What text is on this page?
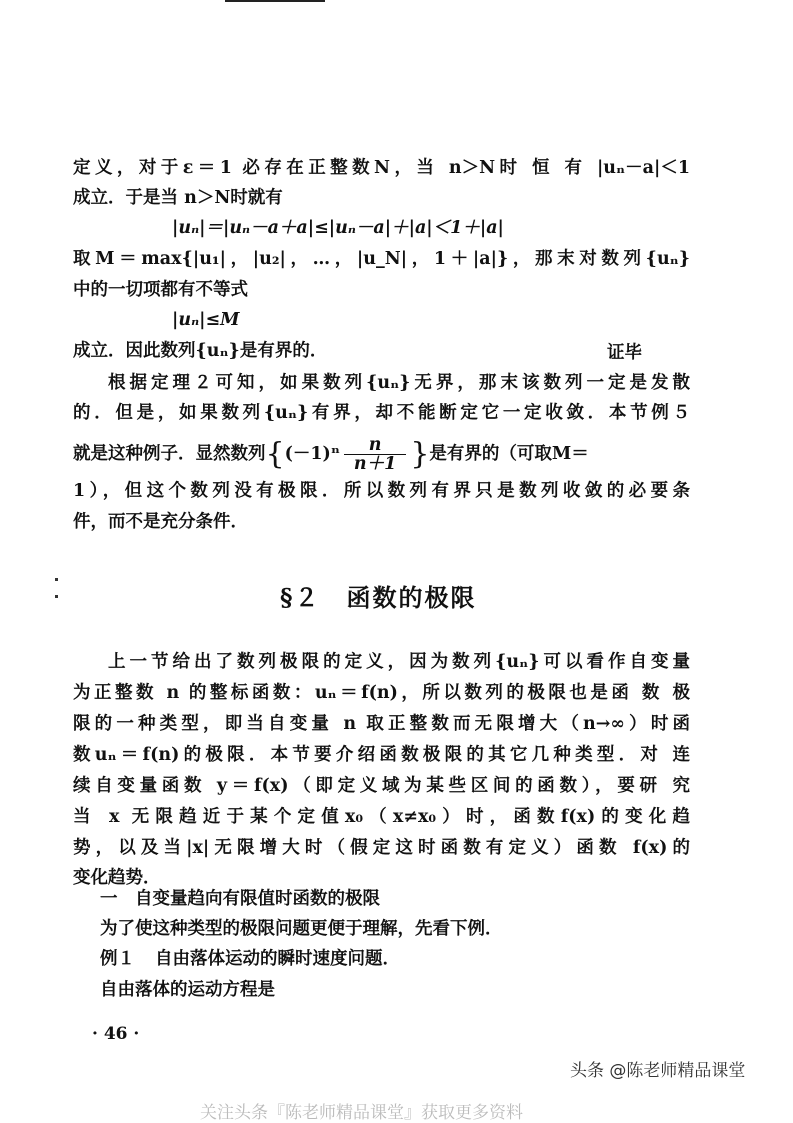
定义，对于ε＝1 必存在正整数N，当 n＞N时 恒 有 |uₙ－a|＜1
成立．于是当 n＞N时就有
|uₙ|＝|uₙ－a＋a|≤|uₙ－a|＋|a|＜1＋|a|
取M＝max{|u₁|，|u₂|，…，|u_N|，1＋|a|}，那末对数列{uₙ}
中的一切项都有不等式
|uₙ|≤M
成立．因此数列{uₙ}是有界的．	证毕
根据定理２可知，如果数列{uₙ}无界，那末该数列一定是发散
的．但是，如果数列{uₙ}有界，却不能断定它一定收敛．本节例５
就是这种例子．显然数列{$(-1)^n \frac{n}{n+1}$ }是有界的（可取M＝
1），但这个数列没有极限．所以数列有界只是数列收敛的必要条
件，而不是充分条件．
§２　函数的极限
上一节给出了数列极限的定义，因为数列{uₙ}可以看作自变量
为正整数 n 的整标函数：uₙ＝f(n)，所以数列的极限也是函 数 极
限的一种类型，即当自变量 n 取正整数而无限增大（n→∞）时函
数uₙ＝f(n)的极限．本节要介绍函数极限的其它几种类型．对 连
续自变量函数 y＝f(x)（即定义域为某些区间的函数），要研 究
当 x 无限趋近于某个定值x₀（x≠x₀）时，函数f(x)的变化趋
势，以及当|x|无限增大时（假定这时函数有定义）函数 f(x)的
变化趋势．
一　自变量趋向有限值时函数的极限
为了使这种类型的极限问题更便于理解，先看下例．
例１ 自由落体运动的瞬时速度问题．
自由落体的运动方程是
· 46 ·
头条 @陈老师精品课堂
关注头条『陈老师精品课堂』获取更多资料
